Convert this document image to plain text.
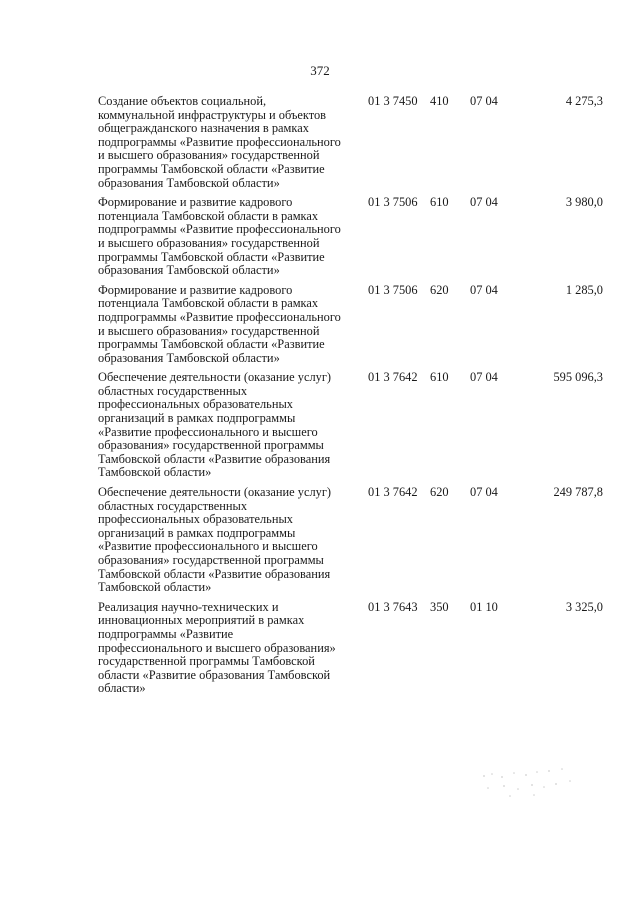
372
Создание объектов социальной,
коммунальной инфраструктуры и объектов
общегражданского назначения в рамках
подпрограммы «Развитие профессионального
и высшего образования» государственной
программы Тамбовской области «Развитие
образования Тамбовской области»
01 3 7450	410	07 04	4 275,3
Формирование и развитие кадрового
потенциала Тамбовской области в рамках
подпрограммы «Развитие профессионального
и высшего образования» государственной
программы Тамбовской области «Развитие
образования Тамбовской области»
01 3 7506	610	07 04	3 980,0
Формирование и развитие кадрового
потенциала Тамбовской области в рамках
подпрограммы «Развитие профессионального
и высшего образования» государственной
программы Тамбовской области «Развитие
образования Тамбовской области»
01 3 7506	620	07 04	1 285,0
Обеспечение деятельности (оказание услуг)
областных государственных
профессиональных образовательных
организаций в рамках подпрограммы
«Развитие профессионального и высшего
образования» государственной программы
Тамбовской области «Развитие образования
Тамбовской области»
01 3 7642	610	07 04	595 096,3
Обеспечение деятельности (оказание услуг)
областных государственных
профессиональных образовательных
организаций в рамках подпрограммы
«Развитие профессионального и высшего
образования» государственной программы
Тамбовской области «Развитие образования
Тамбовской области»
01 3 7642	620	07 04	249 787,8
Реализация научно-технических и
инновационных мероприятий в рамках
подпрограммы «Развитие
профессионального и высшего образования»
государственной программы Тамбовской
области «Развитие образования Тамбовской
области»
01 3 7643	350	01 10	3 325,0
